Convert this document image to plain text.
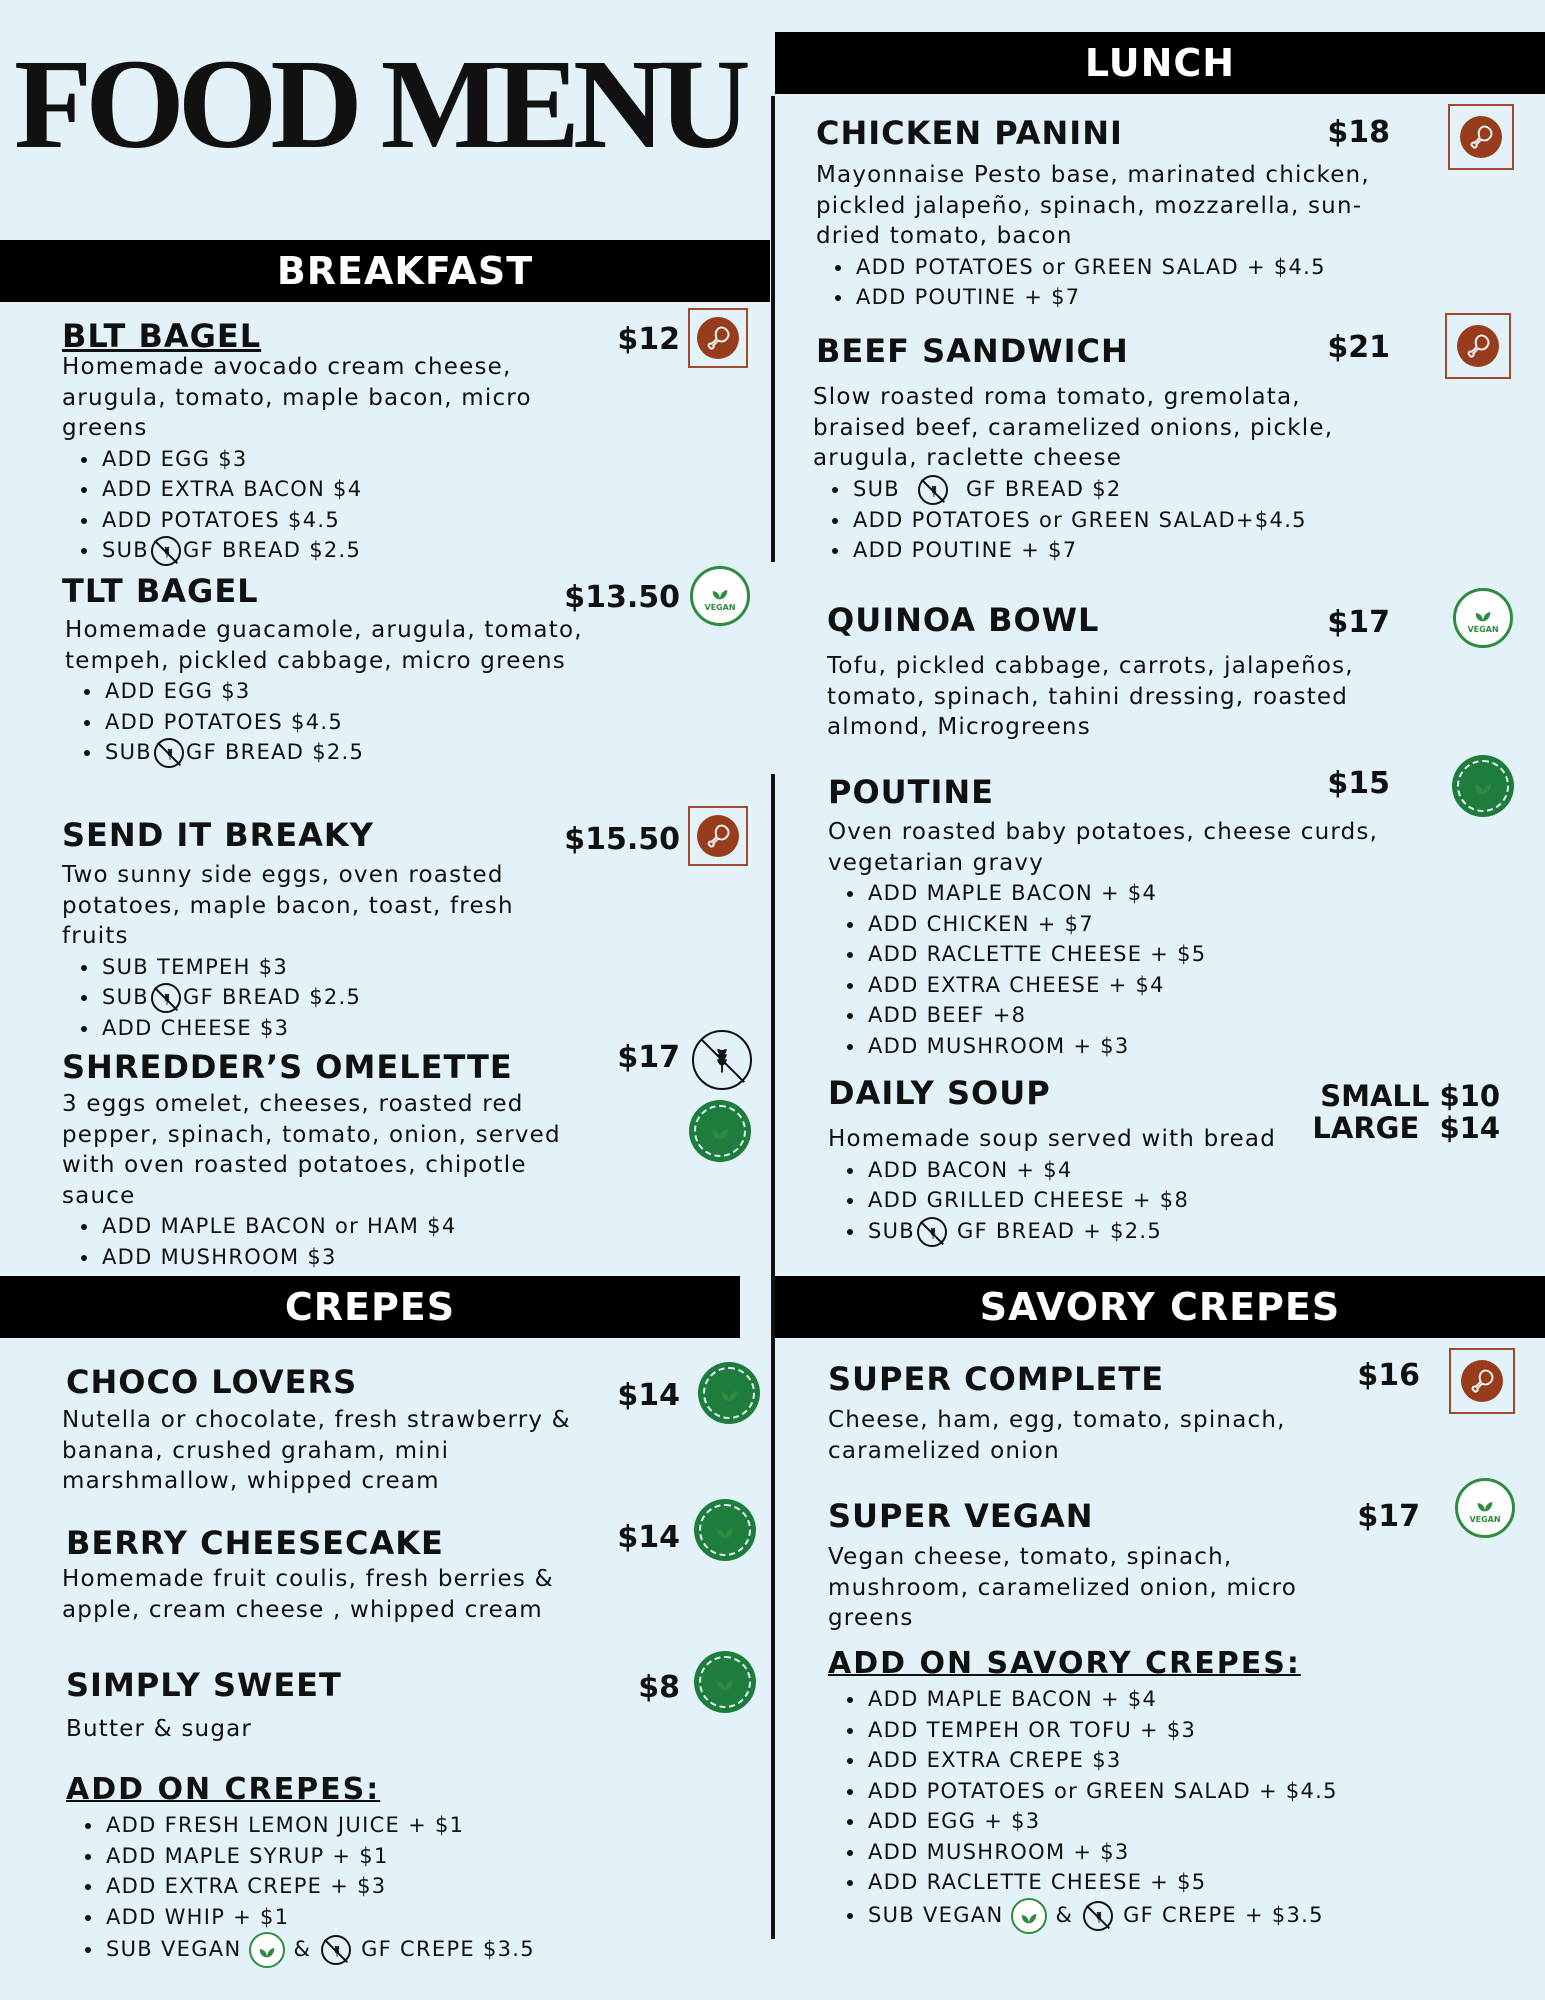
FOOD MENU
BREAKFAST
LUNCH
CREPES	SAVORY CREPES
BLT BAGEL	$12
Homemade avocado cream cheese, arugula, tomato, maple bacon, micro greens
• ADD EGG $3
• ADD EXTRA BACON $4
• ADD POTATOES $4.5
• SUB GF BREAD $2.5
TLT BAGEL	$13.50	VEGAN
Homemade guacamole, arugula, tomato, tempeh, pickled cabbage, micro greens
• ADD EGG $3
• ADD POTATOES $4.5
• SUB GF BREAD $2.5
SEND IT BREAKY	$15.50
Two sunny side eggs, oven roasted potatoes, maple bacon, toast, fresh fruits
• SUB TEMPEH $3
• SUB GF BREAD $2.5
• ADD CHEESE $3
SHREDDER’S OMELETTE	$17
3 eggs omelet, cheeses, roasted red pepper, spinach, tomato, onion, served with oven roasted potatoes, chipotle sauce
• ADD MAPLE BACON or HAM $4
• ADD MUSHROOM $3
CHICKEN PANINI	$18
Mayonnaise Pesto base, marinated chicken, pickled jalapeño, spinach, mozzarella, sun-dried tomato, bacon
• ADD POTATOES or GREEN SALAD + $4.5
• ADD POUTINE + $7
BEEF SANDWICH	$21
Slow roasted roma tomato, gremolata, braised beef, caramelized onions, pickle, arugula, raclette cheese
• SUB	GF BREAD $2
• ADD POTATOES or GREEN SALAD+$4.5
• ADD POUTINE + $7
QUINOA BOWL	$17	VEGAN
Tofu, pickled cabbage, carrots, jalapeños, tomato, spinach, tahini dressing, roasted almond, Microgreens
POUTINE	$15
Oven roasted baby potatoes, cheese curds, vegetarian gravy
• ADD MAPLE BACON + $4
• ADD CHICKEN + $7
• ADD RACLETTE CHEESE + $5
• ADD EXTRA CHEESE + $4
• ADD BEEF +8
• ADD MUSHROOM + $3
DAILY SOUP	SMALL $10
LARGE  $14
Homemade soup served with bread
• ADD BACON + $4
• ADD GRILLED CHEESE + $8
• SUB GF BREAD + $2.5
CHOCO LOVERS	$14
Nutella or chocolate, fresh strawberry & banana, crushed graham, mini marshmallow, whipped cream
BERRY CHEESECAKE	$14
Homemade fruit coulis, fresh berries & apple, cream cheese , whipped cream
SIMPLY SWEET	$8
Butter & sugar
ADD ON CREPES:
• ADD FRESH LEMON JUICE + $1
• ADD MAPLE SYRUP + $1
• ADD EXTRA CREPE + $3
• ADD WHIP + $1
• SUB VEGAN & GF CREPE $3.5
SUPER COMPLETE	$16
Cheese, ham, egg, tomato, spinach, caramelized onion
SUPER VEGAN	$17	VEGAN
Vegan cheese, tomato, spinach, mushroom, caramelized onion, micro greens
ADD ON SAVORY CREPES:
• ADD MAPLE BACON + $4
• ADD TEMPEH OR TOFU + $3
• ADD EXTRA CREPE $3
• ADD POTATOES or GREEN SALAD + $4.5
• ADD EGG + $3
• ADD MUSHROOM + $3
• ADD RACLETTE CHEESE + $5
• SUB VEGAN & GF CREPE + $3.5
